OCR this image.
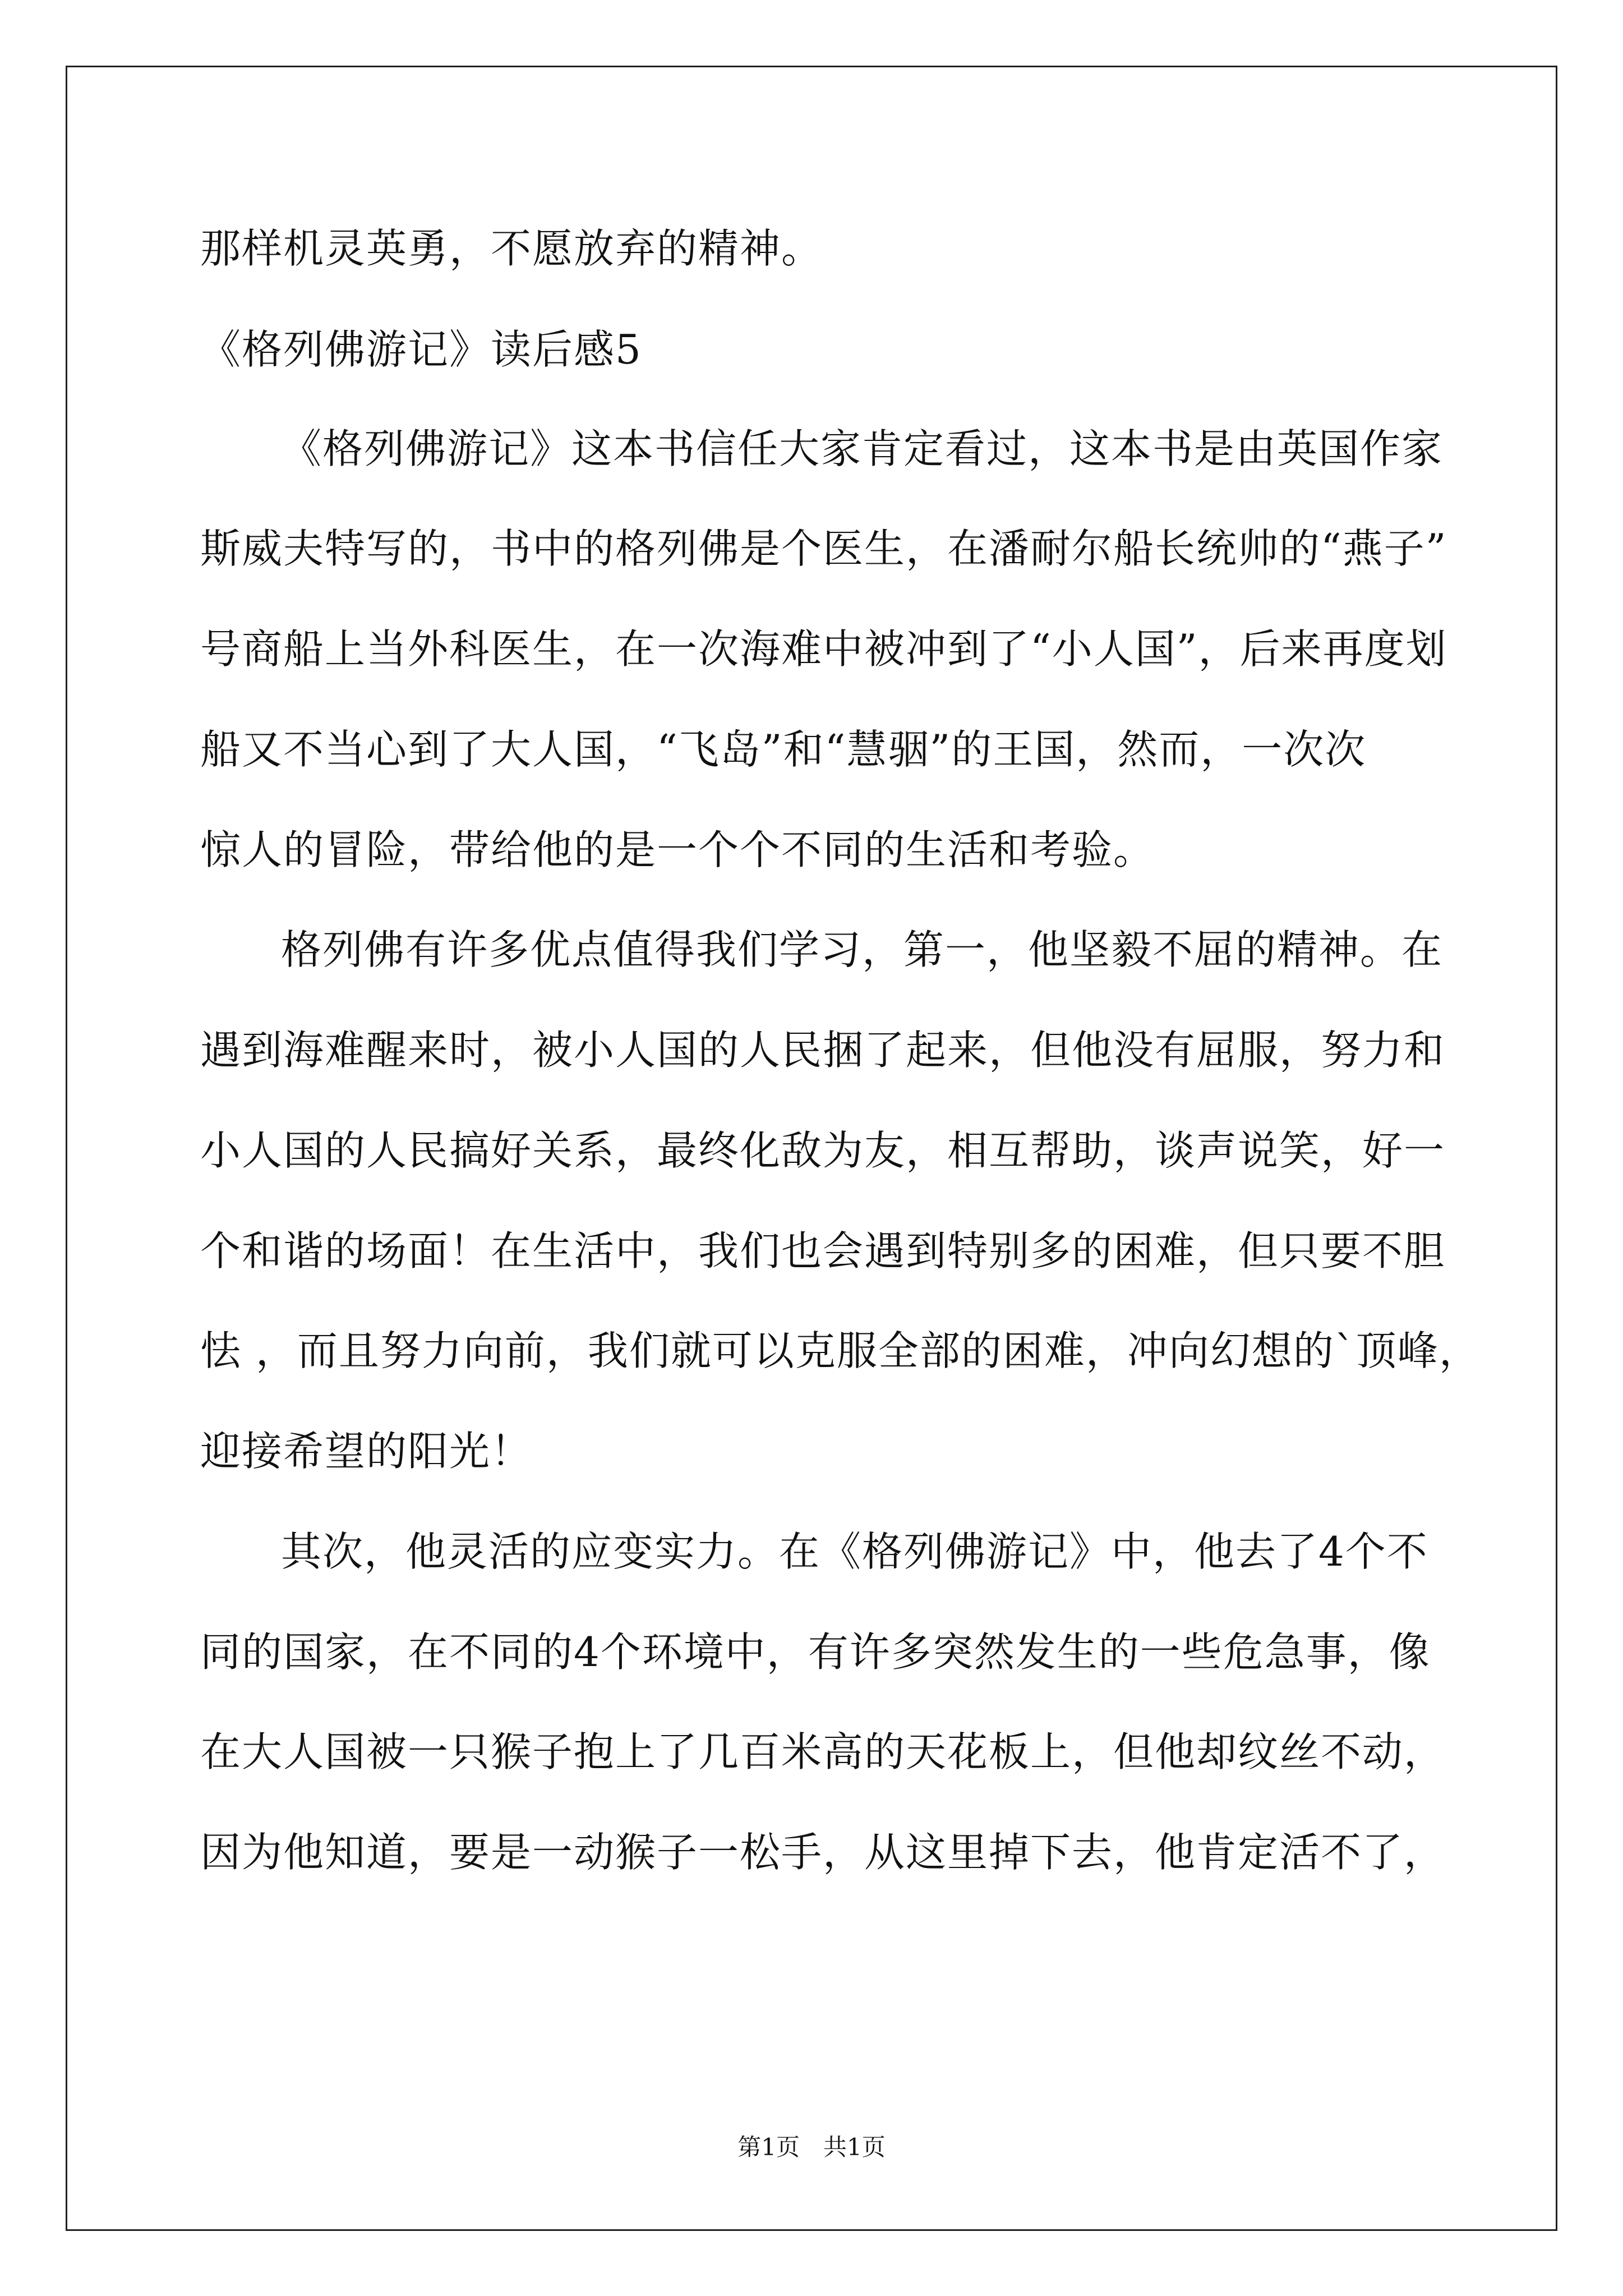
那样机灵英勇，不愿放弃的精神。
《格列佛游记》读后感5
《格列佛游记》这本书信任大家肯定看过，这本书是由英国作家
斯威夫特写的，书中的格列佛是个医生，在潘耐尔船长统帅的“燕子”
号商船上当外科医生，在一次海难中被冲到了“小人国”，后来再度划
船又不当心到了大人国，“飞岛”和“慧骃”的王国，然而，一次次
惊人的冒险，带给他的是一个个不同的生活和考验。
格列佛有许多优点值得我们学习，第一，他坚毅不屈的精神。在
遇到海难醒来时，被小人国的人民捆了起来，但他没有屈服，努力和
小人国的人民搞好关系，最终化敌为友，相互帮助，谈声说笑，好一
个和谐的场面！在生活中，我们也会遇到特别多的困难，但只要不胆
怯 ，而且努力向前，我们就可以克服全部的困难，冲向幻想的`顶峰，
迎接希望的阳光！
其次，他灵活的应变实力。在《格列佛游记》中，他去了4个不
同的国家，在不同的4个环境中，有许多突然发生的一些危急事，像
在大人国被一只猴子抱上了几百米高的天花板上，但他却纹丝不动，
因为他知道，要是一动猴子一松手，从这里掉下去，他肯定活不了，
第1页　共1页
